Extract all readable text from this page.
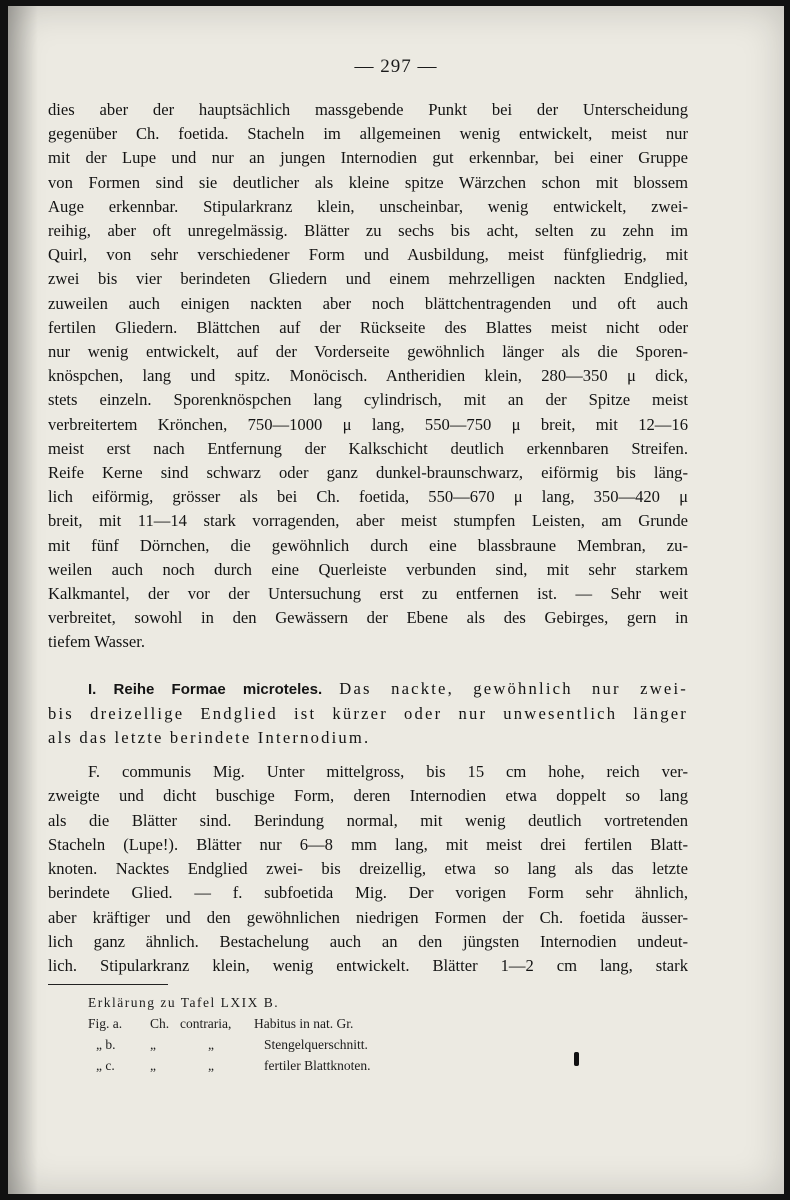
— 297 —
dies aber der hauptsächlich massgebende Punkt bei der Unterscheidung
gegenüber Ch. foetida. Stacheln im allgemeinen wenig entwickelt, meist nur
mit der Lupe und nur an jungen Internodien gut erkennbar, bei einer Gruppe
von Formen sind sie deutlicher als kleine spitze Wärzchen schon mit blossem
Auge erkennbar. Stipularkranz klein, unscheinbar, wenig entwickelt, zwei-
reihig, aber oft unregelmässig. Blätter zu sechs bis acht, selten zu zehn im
Quirl, von sehr verschiedener Form und Ausbildung, meist fünfgliedrig, mit
zwei bis vier berindeten Gliedern und einem mehrzelligen nackten Endglied,
zuweilen auch einigen nackten aber noch blättchentragenden und oft auch
fertilen Gliedern. Blättchen auf der Rückseite des Blattes meist nicht oder
nur wenig entwickelt, auf der Vorderseite gewöhnlich länger als die Sporen-
knöspchen, lang und spitz. Monöcisch. Antheridien klein, 280—350 μ dick,
stets einzeln. Sporenknöspchen lang cylindrisch, mit an der Spitze meist
verbreitertem Krönchen, 750—1000 μ lang, 550—750 μ breit, mit 12—16
meist erst nach Entfernung der Kalkschicht deutlich erkennbaren Streifen.
Reife Kerne sind schwarz oder ganz dunkel-braunschwarz, eiförmig bis läng-
lich eiförmig, grösser als bei Ch. foetida, 550—670 μ lang, 350—420 μ
breit, mit 11—14 stark vorragenden, aber meist stumpfen Leisten, am Grunde
mit fünf Dörnchen, die gewöhnlich durch eine blassbraune Membran, zu-
weilen auch noch durch eine Querleiste verbunden sind, mit sehr starkem
Kalkmantel, der vor der Untersuchung erst zu entfernen ist. — Sehr weit
verbreitet, sowohl in den Gewässern der Ebene als des Gebirges, gern in
tiefem Wasser.
I. Reihe Formae microteles. Das nackte, gewöhnlich nur zwei-
bis dreizellige Endglied ist kürzer oder nur unwesentlich länger
als das letzte berindete Internodium.
F. communis Mig. Unter mittelgross, bis 15 cm hohe, reich ver-
zweigte und dicht buschige Form, deren Internodien etwa doppelt so lang
als die Blätter sind. Berindung normal, mit wenig deutlich vortretenden
Stacheln (Lupe!). Blätter nur 6—8 mm lang, mit meist drei fertilen Blatt-
knoten. Nacktes Endglied zwei- bis dreizellig, etwa so lang als das letzte
berindete Glied. — f. subfoetida Mig. Der vorigen Form sehr ähnlich,
aber kräftiger und den gewöhnlichen niedrigen Formen der Ch. foetida äusser-
lich ganz ähnlich. Bestachelung auch an den jüngsten Internodien undeut-
lich. Stipularkranz klein, wenig entwickelt. Blätter 1—2 cm lang, stark
Erklärung zu Tafel LXIX B.
Fig. a.	Ch. contraria,	Habitus in nat. Gr.
„ b.	„	„	Stengelquerschnitt.
„ c.	„	„	fertiler Blattknoten.
